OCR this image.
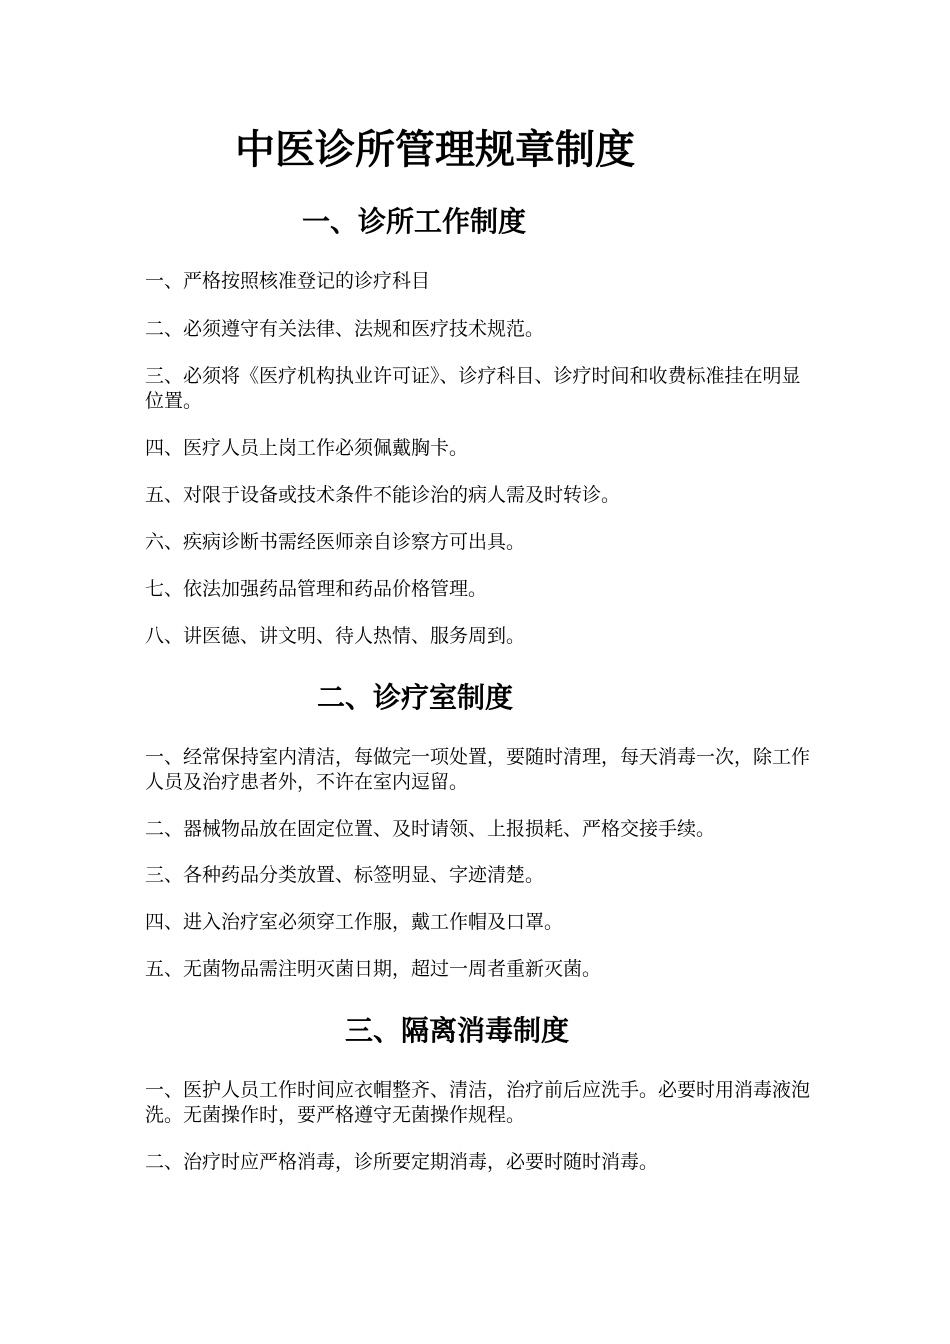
中医诊所管理规章制度
一、诊所工作制度

一、严格按照核准登记的诊疗科目

二、必须遵守有关法律、法规和医疗技术规范。

三、必须将《医疗机构执业许可证》、诊疗科目、诊疗时间和收费标准挂在明显位置。

四、医疗人员上岗工作必须佩戴胸卡。

五、对限于设备或技术条件不能诊治的病人需及时转诊。

六、疾病诊断书需经医师亲自诊察方可出具。

七、依法加强药品管理和药品价格管理。

八、讲医德、讲文明、待人热情、服务周到。

二、诊疗室制度

一、经常保持室内清洁，每做完一项处置，要随时清理，每天消毒一次，除工作人员及治疗患者外，不许在室内逗留。

二、器械物品放在固定位置、及时请领、上报损耗、严格交接手续。

三、各种药品分类放置、标签明显、字迹清楚。

四、进入治疗室必须穿工作服，戴工作帽及口罩。

五、无菌物品需注明灭菌日期，超过一周者重新灭菌。

三、隔离消毒制度

一、医护人员工作时间应衣帽整齐、清洁，治疗前后应洗手。必要时用消毒液泡洗。无菌操作时，要严格遵守无菌操作规程。

二、治疗时应严格消毒，诊所要定期消毒，必要时随时消毒。
